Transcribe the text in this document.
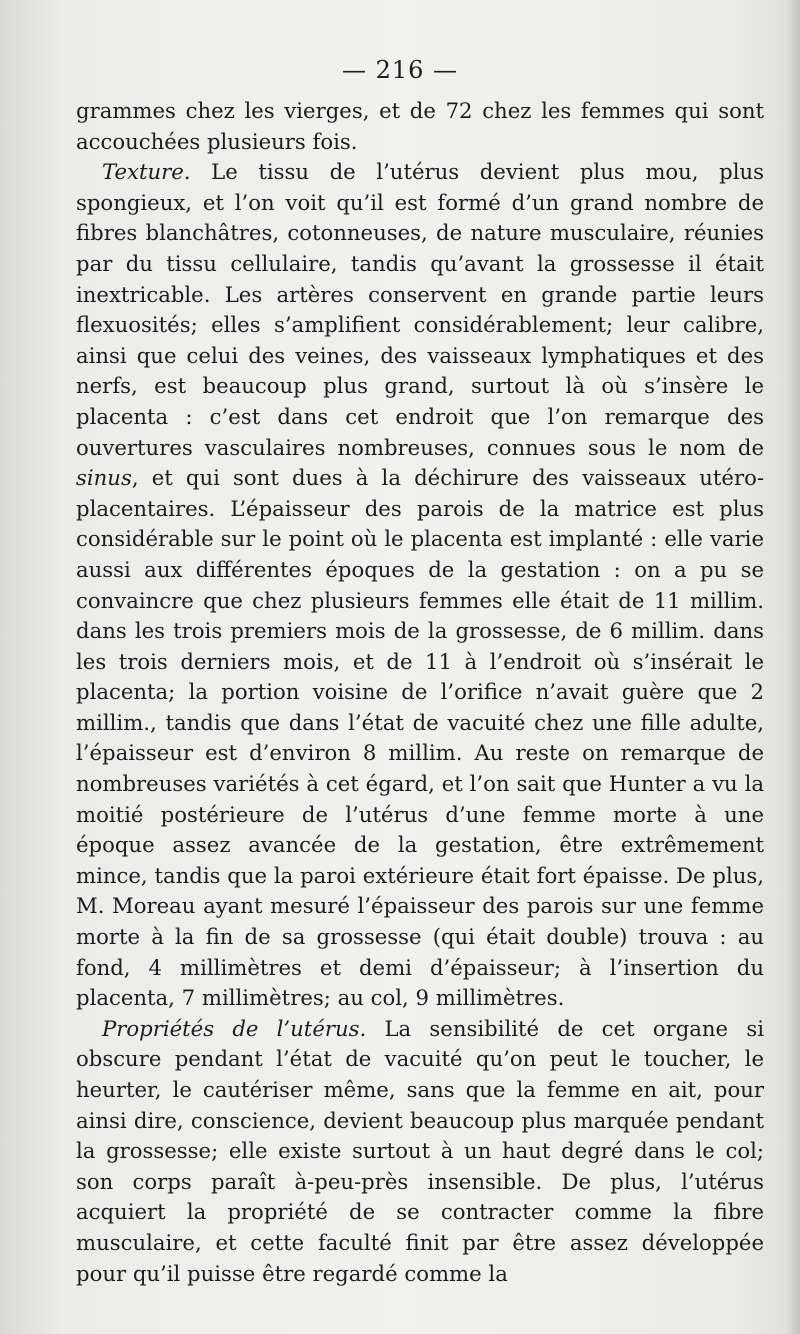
— 216 —

grammes chez les vierges, et de 72 chez les femmes qui sont accouchées plusieurs fois.

Texture. Le tissu de l’utérus devient plus mou, plus spongieux, et l’on voit qu’il est formé d’un grand nombre de fibres blanchâtres, cotonneuses, de nature musculaire, réunies par du tissu cellulaire, tandis qu’avant la grossesse il était inextricable. Les artères conservent en grande partie leurs flexuosités; elles s’amplifient considérablement; leur calibre, ainsi que celui des veines, des vaisseaux lymphatiques et des nerfs, est beaucoup plus grand, surtout là où s’insère le placenta : c’est dans cet endroit que l’on remarque des ouvertures vasculaires nombreuses, connues sous le nom de sinus, et qui sont dues à la déchirure des vaisseaux utéro-placentaires. L’épaisseur des parois de la matrice est plus considérable sur le point où le placenta est implanté : elle varie aussi aux différentes époques de la gestation : on a pu se convaincre que chez plusieurs femmes elle était de 11 millim. dans les trois premiers mois de la grossesse, de 6 millim. dans les trois derniers mois, et de 11 à l’endroit où s’insérait le placenta; la portion voisine de l’orifice n’avait guère que 2 millim., tandis que dans l’état de vacuité chez une fille adulte, l’épaisseur est d’environ 8 millim. Au reste on remarque de nombreuses variétés à cet égard, et l’on sait que Hunter a vu la moitié postérieure de l’utérus d’une femme morte à une époque assez avancée de la gestation, être extrêmement mince, tandis que la paroi extérieure était fort épaisse. De plus, M. Moreau ayant mesuré l’épaisseur des parois sur une femme morte à la fin de sa grossesse (qui était double) trouva : au fond, 4 millimètres et demi d’épaisseur; à l’insertion du placenta, 7 millimètres; au col, 9 millimètres.

Propriétés de l’utérus. La sensibilité de cet organe si obscure pendant l’état de vacuité qu’on peut le toucher, le heurter, le cautériser même, sans que la femme en ait, pour ainsi dire, conscience, devient beaucoup plus marquée pendant la grossesse; elle existe surtout à un haut degré dans le col; son corps paraît à-peu-près insensible. De plus, l’utérus acquiert la propriété de se contracter comme la fibre musculaire, et cette faculté finit par être assez développée pour qu’il puisse être regardé comme la
